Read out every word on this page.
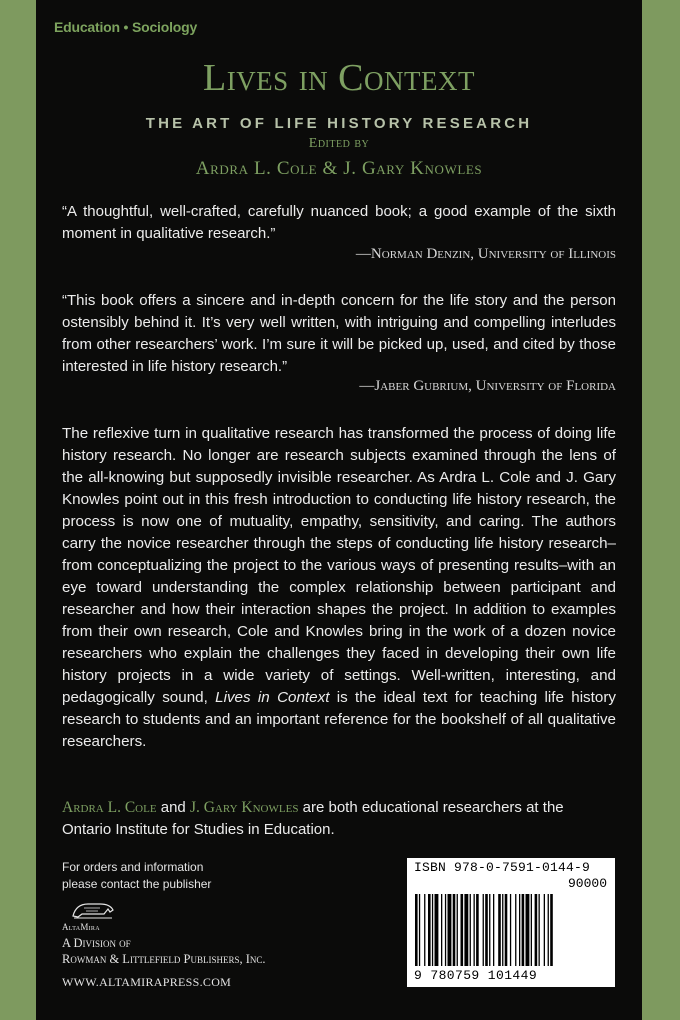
Education • Sociology
Lives in Context
THE ART OF LIFE HISTORY RESEARCH
Edited by
Ardra L. Cole & J. Gary Knowles
“A thoughtful, well-crafted, carefully nuanced book; a good example of the sixth moment in qualitative research.”
—Norman Denzin, University of Illinois
“This book offers a sincere and in-depth concern for the life story and the person ostensibly behind it. It’s very well written, with intriguing and compelling interludes from other researchers’ work. I’m sure it will be picked up, used, and cited by those interested in life history research.”
—Jaber Gubrium, University of Florida
The reflexive turn in qualitative research has transformed the process of doing life history research. No longer are research subjects examined through the lens of the all-knowing but supposedly invisible researcher. As Ardra L. Cole and J. Gary Knowles point out in this fresh introduction to conducting life history research, the process is now one of mutuality, empathy, sensitivity, and caring. The authors carry the novice researcher through the steps of conducting life history research–from conceptualizing the project to the various ways of presenting results–with an eye toward understanding the complex relationship between participant and researcher and how their interaction shapes the project. In addition to examples from their own research, Cole and Knowles bring in the work of a dozen novice researchers who explain the challenges they faced in developing their own life history projects in a wide variety of settings. Well-written, interesting, and pedagogically sound, Lives in Context is the ideal text for teaching life history research to students and an important reference for the bookshelf of all qualitative researchers.
Ardra L. Cole and J. Gary Knowles are both educational researchers at the Ontario Institute for Studies in Education.
For orders and information
please contact the publisher
AltaMira
A Division of
Rowman & Littlefield Publishers, Inc.
WWW.ALTAMIRAPRESS.COM
ISBN 978-0-7591-0144-9
90000
9 780759 101449
